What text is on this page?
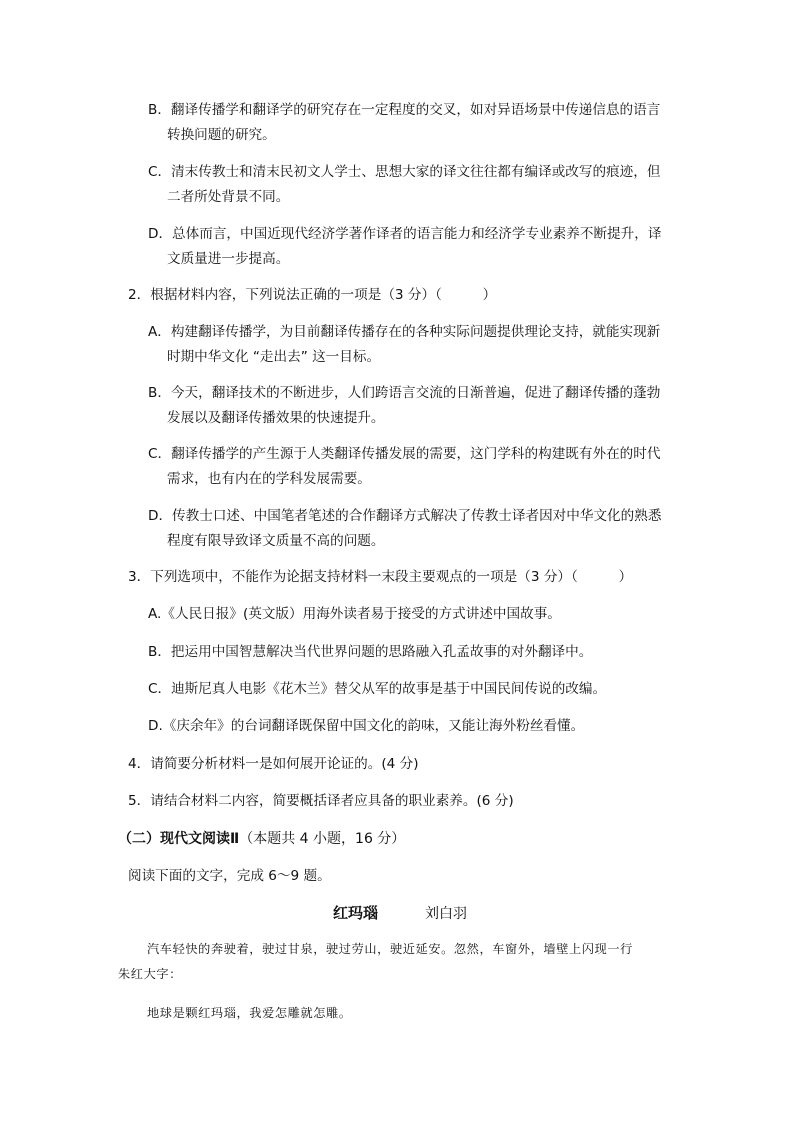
B．翻译传播学和翻译学的研究存在一定程度的交叉，如对异语场景中传递信息的语言
转换问题的研究。
C．清末传教士和清末民初文人学士、思想大家的译文往往都有编译或改写的痕迹，但
二者所处背景不同。
D．总体而言，中国近现代经济学著作译者的语言能力和经济学专业素养不断提升，译
文质量进一步提高。
2．根据材料内容，下列说法正确的一项是（3 分）（　　　）
A．构建翻译传播学，为目前翻译传播存在的各种实际问题提供理论支持，就能实现新
时期中华文化 “走出去” 这一目标。
B．今天，翻译技术的不断进步，人们跨语言交流的日渐普遍，促进了翻译传播的蓬勃
发展以及翻译传播效果的快速提升。
C．翻译传播学的产生源于人类翻译传播发展的需要，这门学科的构建既有外在的时代
需求，也有内在的学科发展需要。
D．传教士口述、中国笔者笔述的合作翻译方式解决了传教士译者因对中华文化的熟悉
程度有限导致译文质量不高的问题。
3．下列选项中，不能作为论据支持材料一末段主要观点的一项是（3 分）（　　　）
A.《人民日报》(英文版）用海外读者易于接受的方式讲述中国故事。
B．把运用中国智慧解决当代世界问题的思路融入孔孟故事的对外翻译中。
C．迪斯尼真人电影《花木兰》替父从军的故事是基于中国民间传说的改编。
D.《庆余年》的台词翻译既保留中国文化的韵味，又能让海外粉丝看懂。
4．请简要分析材料一是如何展开论证的。(4 分)
5．请结合材料二内容，简要概括译者应具备的职业素养。(6 分)
（二）现代文阅读Ⅱ（本题共 4 小题，16 分）
阅读下面的文字，完成 6～9 题。
红玛瑙	刘白羽
汽车轻快的奔驶着，驶过甘泉，驶过劳山，驶近延安。忽然，车窗外，墙壁上闪现一行
朱红大字：
地球是颗红玛瑙，我爱怎雕就怎雕。
